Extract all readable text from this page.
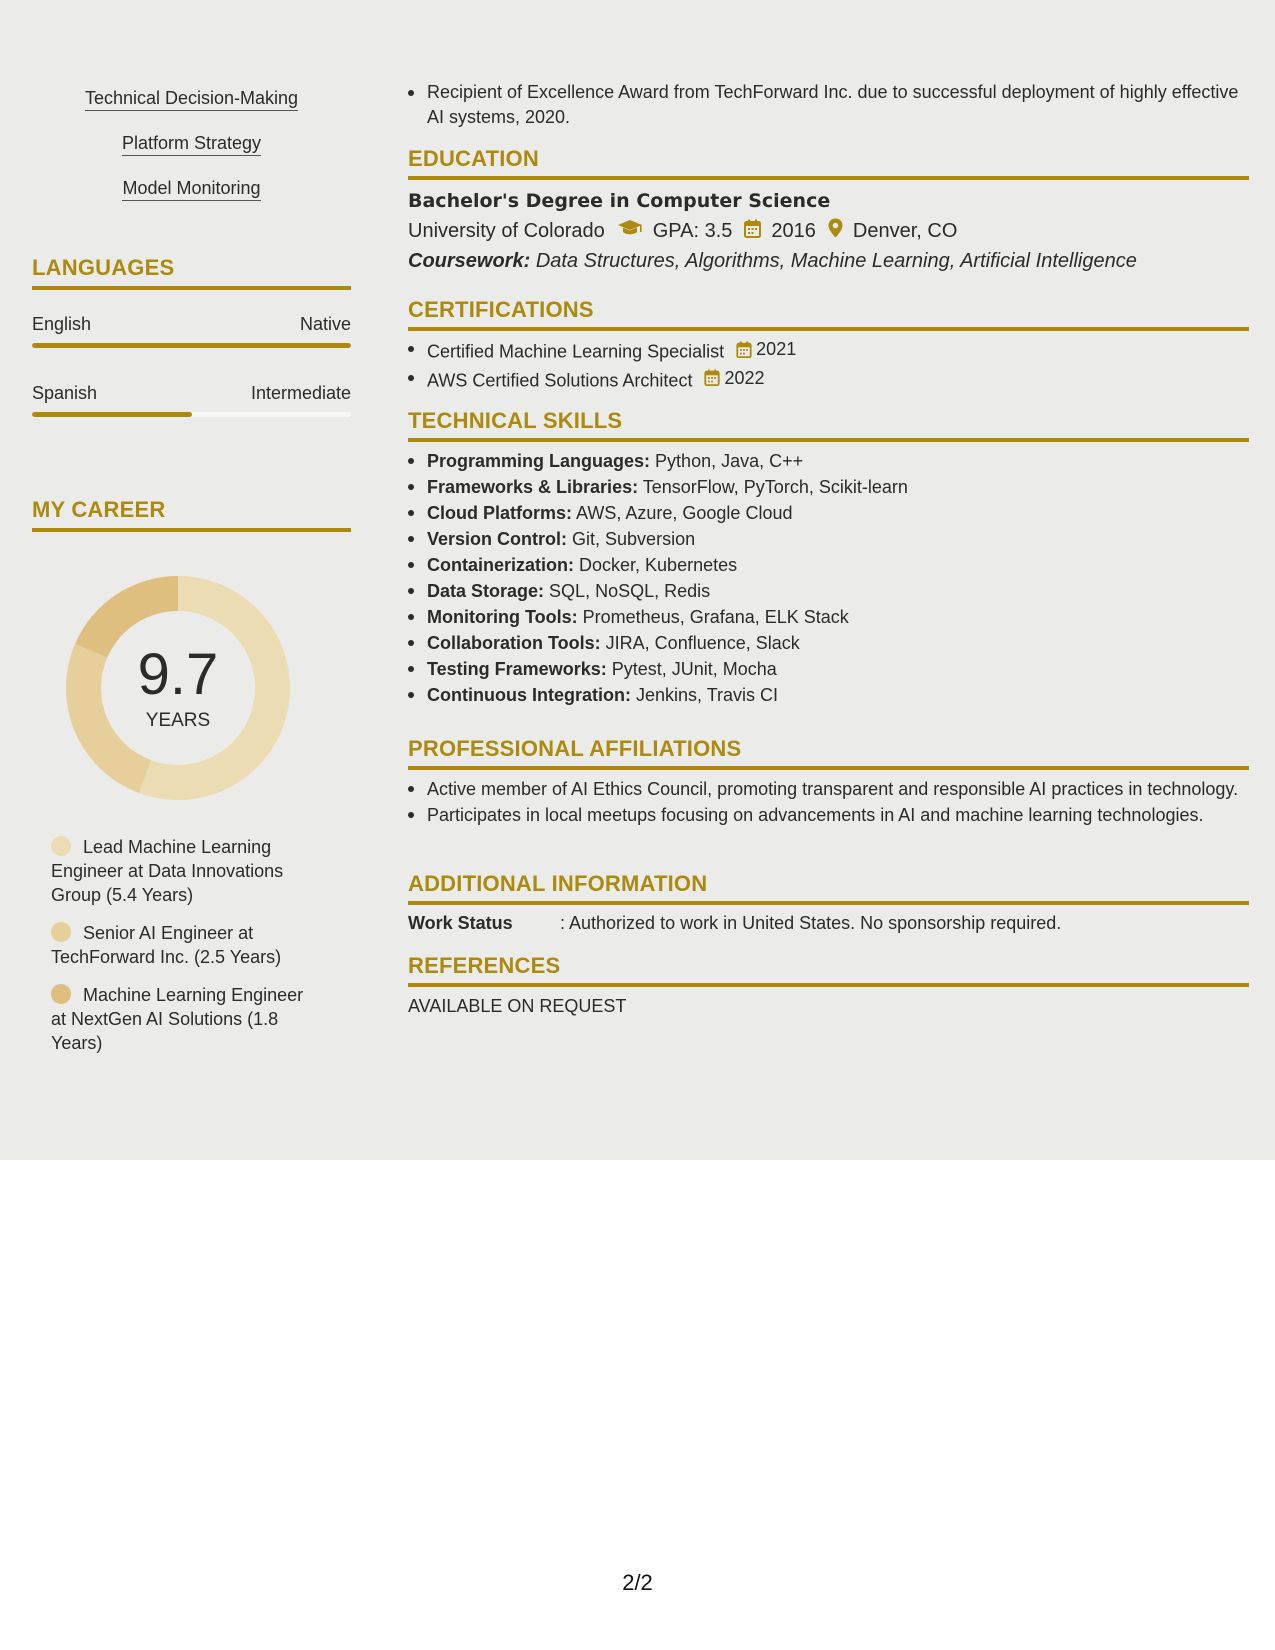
Technical Decision-Making
Platform Strategy
Model Monitoring
LANGUAGES
English	Native
Spanish	Intermediate
MY CAREER
9.7
YEARS
Lead Machine Learning Engineer at Data Innovations Group (5.4 Years)
Senior AI Engineer at TechForward Inc. (2.5 Years)
Machine Learning Engineer at NextGen AI Solutions (1.8 Years)
Recipient of Excellence Award from TechForward Inc. due to successful deployment of highly effective AI systems, 2020.
EDUCATION
Bachelor's Degree in Computer Science
University of Colorado GPA: 3.5 2016 Denver, CO
Coursework: Data Structures, Algorithms, Machine Learning, Artificial Intelligence
CERTIFICATIONS
Certified Machine Learning Specialist 2021
AWS Certified Solutions Architect 2022
TECHNICAL SKILLS
Programming Languages: Python, Java, C++
Frameworks & Libraries: TensorFlow, PyTorch, Scikit-learn
Cloud Platforms: AWS, Azure, Google Cloud
Version Control: Git, Subversion
Containerization: Docker, Kubernetes
Data Storage: SQL, NoSQL, Redis
Monitoring Tools: Prometheus, Grafana, ELK Stack
Collaboration Tools: JIRA, Confluence, Slack
Testing Frameworks: Pytest, JUnit, Mocha
Continuous Integration: Jenkins, Travis CI
PROFESSIONAL AFFILIATIONS
Active member of AI Ethics Council, promoting transparent and responsible AI practices in technology.
Participates in local meetups focusing on advancements in AI and machine learning technologies.
ADDITIONAL INFORMATION
Work Status	: Authorized to work in United States. No sponsorship required.
REFERENCES
AVAILABLE ON REQUEST
2/2
